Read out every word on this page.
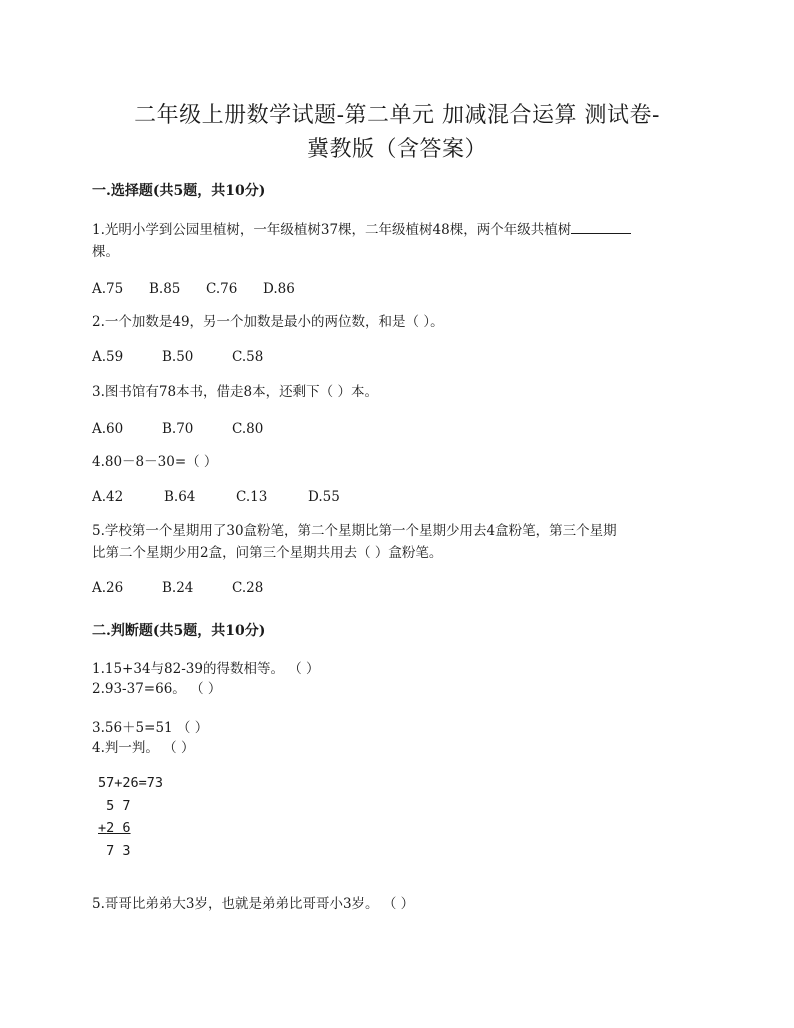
二年级上册数学试题-第二单元 加减混合运算 测试卷-
冀教版（含答案）
一.选择题(共5题，共10分)
1.光明小学到公园里植树，一年级植树37棵，二年级植树48棵，两个年级共植树
棵。
A.75	B.85	C.76	D.86
2.一个加数是49，另一个加数是最小的两位数，和是（ ）。
A.59	B.50	C.58
3.图书馆有78本书，借走8本，还剩下（ ）本。
A.60	B.70	C.80
4.80－8－30=（ ）
A.42	B.64	C.13	D.55
5.学校第一个星期用了30盒粉笔，第二个星期比第一个星期少用去4盒粉笔，第三个星期
比第二个星期少用2盒，问第三个星期共用去（ ）盒粉笔。
A.26	B.24	C.28
二.判断题(共5题，共10分)
1.15+34与82-39的得数相等。 （ ）
2.93-37=66。 （ ）
3.56＋5=51 （ ）
4.判一判。 （ ）
57+26=73
5 7
+2 6
7 3
5.哥哥比弟弟大3岁，也就是弟弟比哥哥小3岁。 （ ）
